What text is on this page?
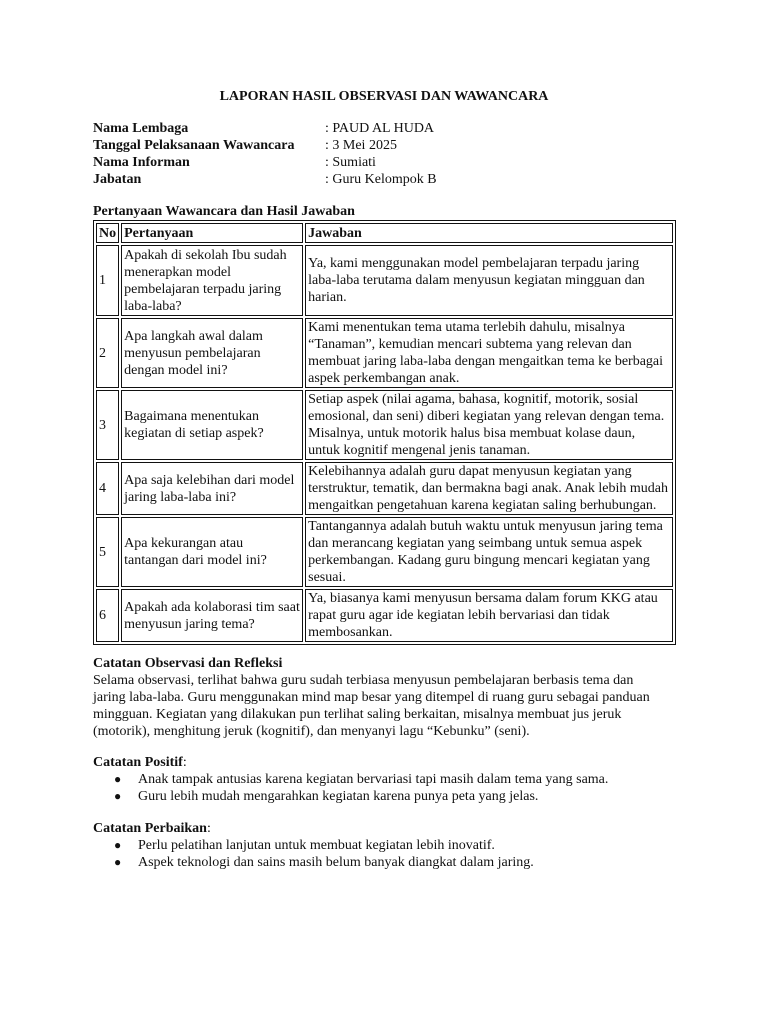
LAPORAN HASIL OBSERVASI DAN WAWANCARA
Nama Lembaga	: PAUD AL HUDA
Tanggal Pelaksanaan Wawancara : 3 Mei 2025
Nama Informan	: Sumiati
Jabatan	: Guru Kelompok B
Pertanyaan Wawancara dan Hasil Jawaban
No	Pertanyaan	Jawaban
1	Apakah di sekolah Ibu sudah menerapkan model pembelajaran terpadu jaring laba-laba?	Ya, kami menggunakan model pembelajaran terpadu jaring laba-laba terutama dalam menyusun kegiatan mingguan dan harian.
2	Apa langkah awal dalam menyusun pembelajaran dengan model ini?	Kami menentukan tema utama terlebih dahulu, misalnya “Tanaman”, kemudian mencari subtema yang relevan dan membuat jaring laba-laba dengan mengaitkan tema ke berbagai aspek perkembangan anak.
3	Bagaimana menentukan kegiatan di setiap aspek?	Setiap aspek (nilai agama, bahasa, kognitif, motorik, sosial emosional, dan seni) diberi kegiatan yang relevan dengan tema. Misalnya, untuk motorik halus bisa membuat kolase daun, untuk kognitif mengenal jenis tanaman.
4	Apa saja kelebihan dari model jaring laba-laba ini?	Kelebihannya adalah guru dapat menyusun kegiatan yang terstruktur, tematik, dan bermakna bagi anak. Anak lebih mudah mengaitkan pengetahuan karena kegiatan saling berhubungan.
5	Apa kekurangan atau tantangan dari model ini?	Tantangannya adalah butuh waktu untuk menyusun jaring tema dan merancang kegiatan yang seimbang untuk semua aspek perkembangan. Kadang guru bingung mencari kegiatan yang sesuai.
6	Apakah ada kolaborasi tim saat menyusun jaring tema?	Ya, biasanya kami menyusun bersama dalam forum KKG atau rapat guru agar ide kegiatan lebih bervariasi dan tidak membosankan.
Catatan Observasi dan Refleksi
Selama observasi, terlihat bahwa guru sudah terbiasa menyusun pembelajaran berbasis tema dan jaring laba-laba. Guru menggunakan mind map besar yang ditempel di ruang guru sebagai panduan mingguan. Kegiatan yang dilakukan pun terlihat saling berkaitan, misalnya membuat jus jeruk (motorik), menghitung jeruk (kognitif), dan menyanyi lagu “Kebunku” (seni).
Catatan Positif:
● Anak tampak antusias karena kegiatan bervariasi tapi masih dalam tema yang sama.
● Guru lebih mudah mengarahkan kegiatan karena punya peta yang jelas.
Catatan Perbaikan:
● Perlu pelatihan lanjutan untuk membuat kegiatan lebih inovatif.
● Aspek teknologi dan sains masih belum banyak diangkat dalam jaring.
